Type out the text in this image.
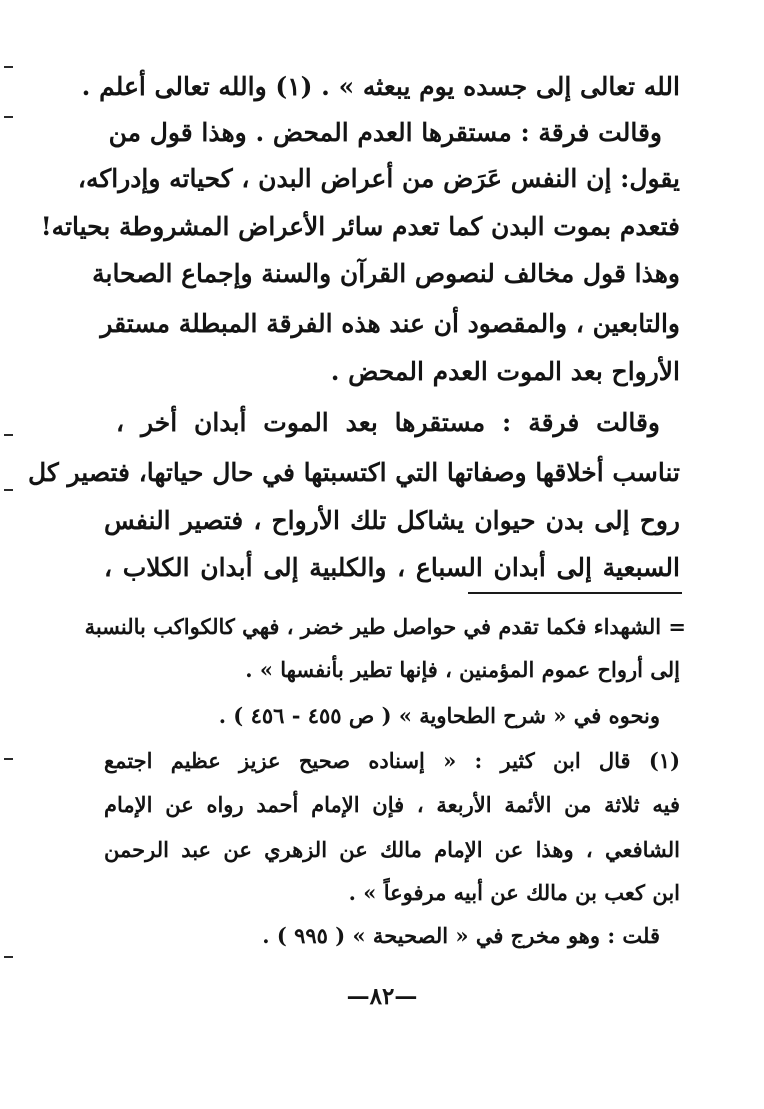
الله تعالى إلى جسده يوم يبعثه » . (١) والله تعالى أعلم .
وقالت فرقة : مستقرها العدم المحض . وهذا قول من
يقول: إن النفس عَرَض من أعراض البدن ، كحياته وإدراكه،
فتعدم بموت البدن كما تعدم سائر الأعراض المشروطة بحياته!
وهذا قول مخالف لنصوص القرآن والسنة وإجماع الصحابة
والتابعين ، والمقصود أن عند هذه الفرقة المبطلة مستقر
الأرواح بعد الموت العدم المحض .
وقالت فرقة : مستقرها بعد الموت أبدان أخر ،
تناسب أخلاقها وصفاتها التي اكتسبتها في حال حياتها، فتصير كل
روح إلى بدن حيوان يشاكل تلك الأرواح ، فتصير النفس
السبعية إلى أبدان السباع ، والكلبية إلى أبدان الكلاب ،
= الشهداء فكما تقدم في حواصل طير خضر ، فهي كالكواكب بالنسبة
إلى أرواح عموم المؤمنين ، فإنها تطير بأنفسها » .
ونحوه في « شرح الطحاوية » ( ص ٤٥٥ - ٤٥٦ ) .
(١) قال ابن كثير : « إسناده صحيح عزيز عظيم اجتمع
فيه ثلاثة من الأئمة الأربعة ، فإن الإمام أحمد رواه عن الإمام
الشافعي ، وهذا عن الإمام مالك عن الزهري عن عبد الرحمن
ابن كعب بن مالك عن أبيه مرفوعاً » .
قلت : وهو مخرج في « الصحيحة » ( ٩٩٥ ) .
—٨٢—
